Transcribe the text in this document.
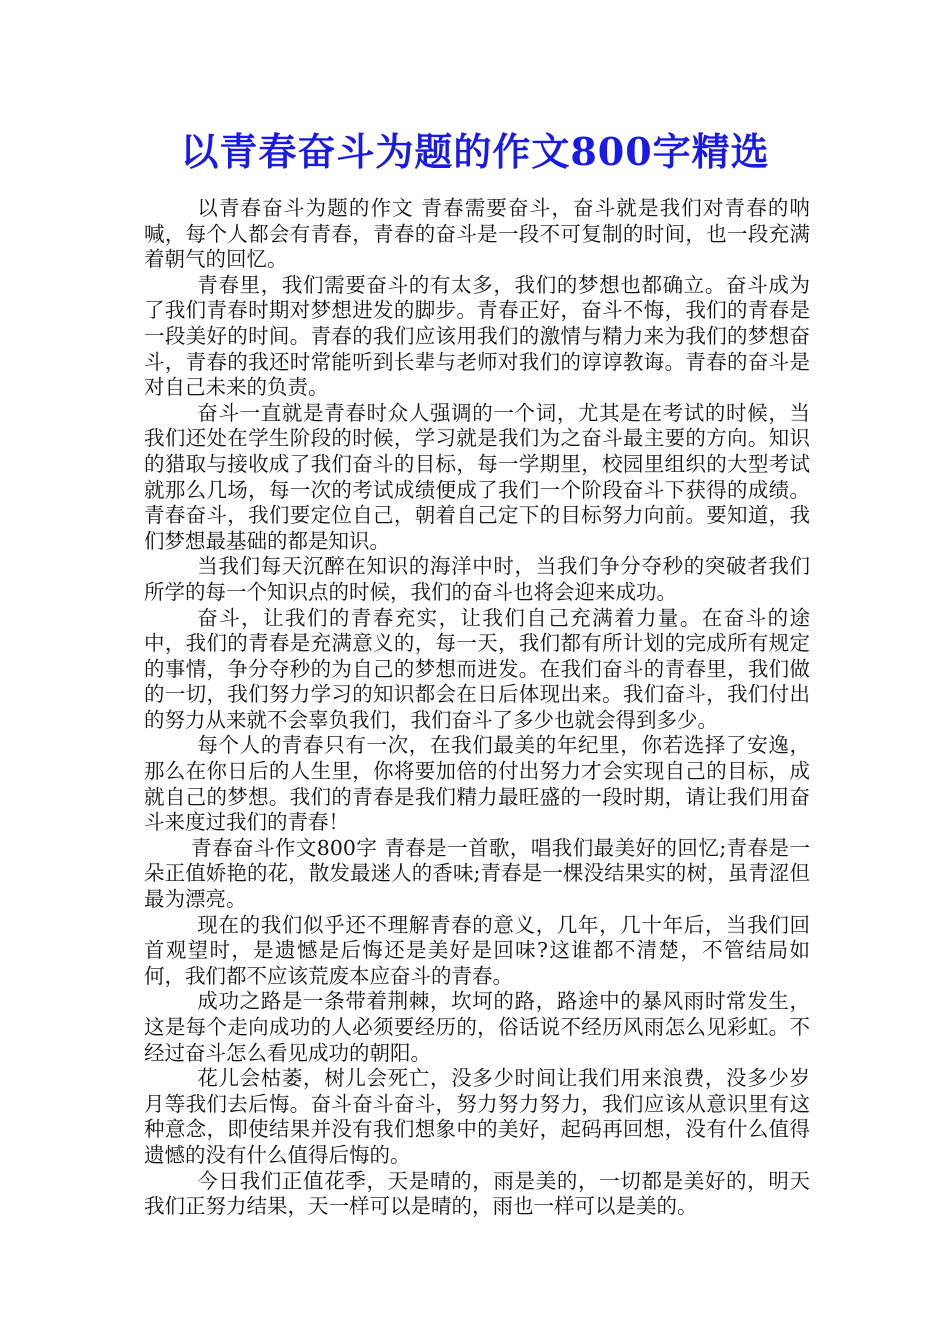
以青春奋斗为题的作文800字精选

以青春奋斗为题的作文 青春需要奋斗，奋斗就是我们对青春的呐喊，每个人都会有青春，青春的奋斗是一段不可复制的时间，也一段充满着朝气的回忆。

青春里，我们需要奋斗的有太多，我们的梦想也都确立。奋斗成为了我们青春时期对梦想进发的脚步。青春正好，奋斗不悔，我们的青春是一段美好的时间。青春的我们应该用我们的激情与精力来为我们的梦想奋斗，青春的我还时常能听到长辈与老师对我们的谆谆教诲。青春的奋斗是对自己未来的负责。

奋斗一直就是青春时众人强调的一个词，尤其是在考试的时候，当我们还处在学生阶段的时候，学习就是我们为之奋斗最主要的方向。知识的猎取与接收成了我们奋斗的目标，每一学期里，校园里组织的大型考试就那么几场，每一次的考试成绩便成了我们一个阶段奋斗下获得的成绩。青春奋斗，我们要定位自己，朝着自己定下的目标努力向前。要知道，我们梦想最基础的都是知识。

当我们每天沉醉在知识的海洋中时，当我们争分夺秒的突破者我们所学的每一个知识点的时候，我们的奋斗也将会迎来成功。

奋斗，让我们的青春充实，让我们自己充满着力量。在奋斗的途中，我们的青春是充满意义的，每一天，我们都有所计划的完成所有规定的事情，争分夺秒的为自己的梦想而进发。在我们奋斗的青春里，我们做的一切，我们努力学习的知识都会在日后体现出来。我们奋斗，我们付出的努力从来就不会辜负我们，我们奋斗了多少也就会得到多少。

每个人的青春只有一次，在我们最美的年纪里，你若选择了安逸，那么在你日后的人生里，你将要加倍的付出努力才会实现自己的目标，成就自己的梦想。我们的青春是我们精力最旺盛的一段时期，请让我们用奋斗来度过我们的青春！

青春奋斗作文800字 青春是一首歌，唱我们最美好的回忆;青春是一朵正值娇艳的花，散发最迷人的香味;青春是一棵没结果实的树，虽青涩但最为漂亮。

现在的我们似乎还不理解青春的意义，几年，几十年后，当我们回首观望时，是遗憾是后悔还是美好是回味?这谁都不清楚，不管结局如何，我们都不应该荒废本应奋斗的青春。

成功之路是一条带着荆棘，坎坷的路，路途中的暴风雨时常发生，这是每个走向成功的人必须要经历的，俗话说不经历风雨怎么见彩虹。不经过奋斗怎么看见成功的朝阳。

花儿会枯萎，树儿会死亡，没多少时间让我们用来浪费，没多少岁月等我们去后悔。奋斗奋斗奋斗，努力努力努力，我们应该从意识里有这种意念，即使结果并没有我们想象中的美好，起码再回想，没有什么值得遗憾的没有什么值得后悔的。

今日我们正值花季，天是晴的，雨是美的，一切都是美好的，明天我们正努力结果，天一样可以是晴的，雨也一样可以是美的。
